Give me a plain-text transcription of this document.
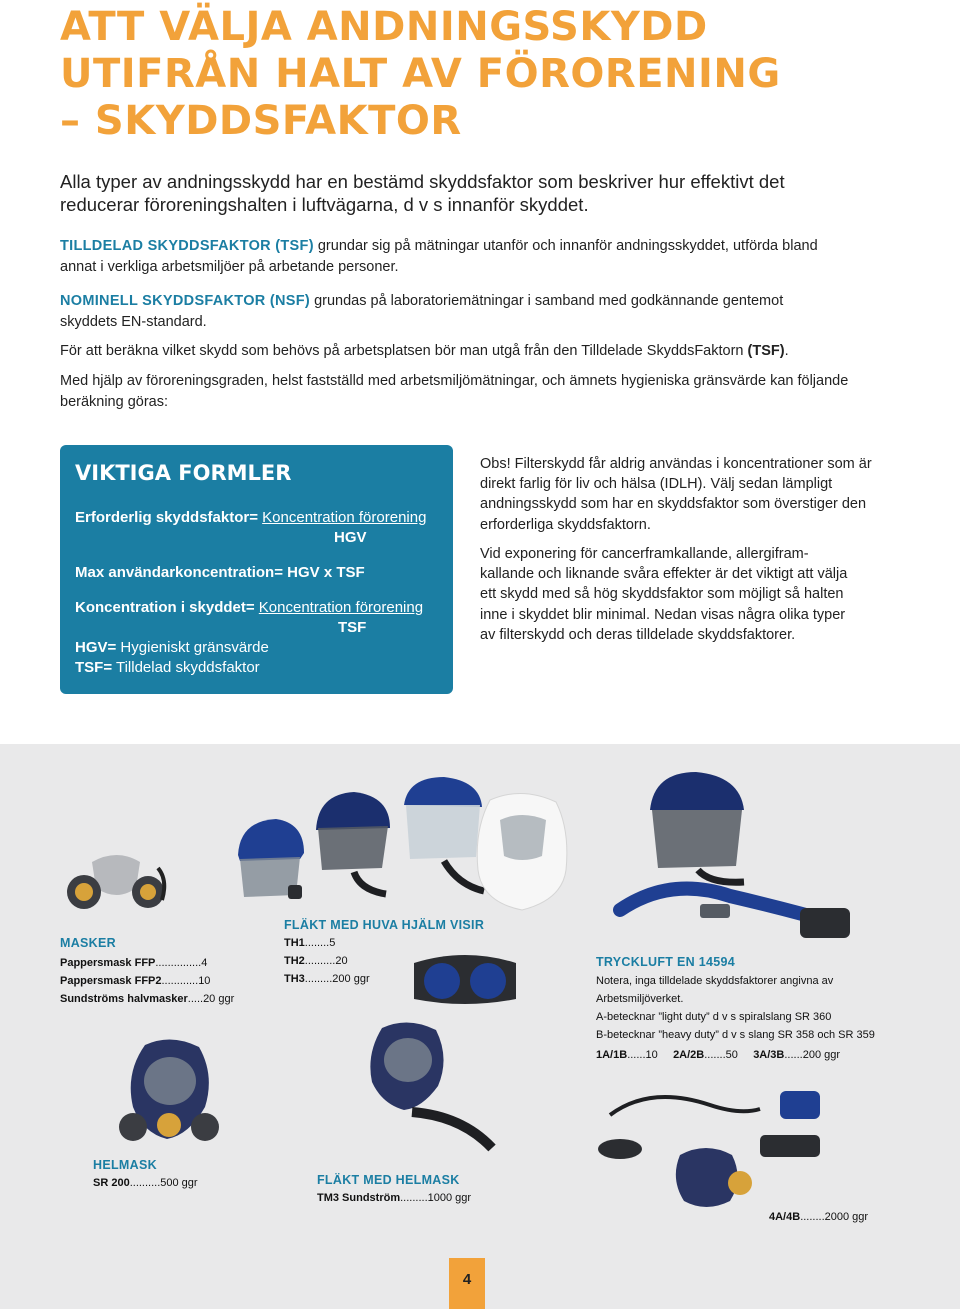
ATT VÄLJA ANDNINGSSKYDD
UTIFRÅN HALT AV FÖRORENING
– SKYDDSFAKTOR

Alla typer av andningsskydd har en bestämd skyddsfaktor som beskriver hur effektivt det reducerar föroreningshalten i luftvägarna, d v s innanför skyddet.

TILLDELAD SKYDDSFAKTOR (TSF) grundar sig på mätningar utanför och innanför andningsskyddet, utförda bland annat i verkliga arbetsmiljöer på arbetande personer.

NOMINELL SKYDDSFAKTOR (NSF) grundas på laboratoriemätningar i samband med godkännande gentemot skyddets EN-standard.

För att beräkna vilket skydd som behövs på arbetsplatsen bör man utgå från den Tilldelade SkyddsFaktorn (TSF).

Med hjälp av föroreningsgraden, helst fastställd med arbetsmiljömätningar, och ämnets hygieniska gränsvärde kan följande beräkning göras:

VIKTIGA FORMLER
Erforderlig skyddsfaktor= Koncentration förorening
HGV
Max användarkoncentration= HGV x TSF
Koncentration i skyddet= Koncentration förorening
TSF
HGV= Hygieniskt gränsvärde
TSF= Tilldelad skyddsfaktor

Obs! Filterskydd får aldrig användas i koncentrationer som är direkt farlig för liv och hälsa (IDLH). Välj sedan lämpligt andningsskydd som har en skyddsfaktor som överstiger den erforderliga skyddsfaktorn.

Vid exponering för cancerframkallande, allergifram-kallande och liknande svåra effekter är det viktigt att välja ett skydd med så hög skyddsfaktor som möjligt så halten inne i skyddet blir minimal. Nedan visas några olika typer av filterskydd och deras tilldelade skyddsfaktorer.

MASKER
Pappersmask FFP...............4
Pappersmask FFP2............10
Sundströms halvmasker.....20 ggr
FLÄKT MED HUVA HJÄLM VISIR
TH1........5
TH2..........20
TH3.........200 ggr
TRYCKLUFT EN 14594
Notera, inga tilldelade skyddsfaktorer angivna av
Arbetsmiljöverket.
A-betecknar ”light duty” d v s spiralslang SR 360
B-betecknar ”heavy duty” d v s slang SR 358 och SR 359
1A/1B......10 2A/2B.......50 3A/3B......200 ggr
HELMASK
SR 200..........500 ggr	FLÄKT MED HELMASK
TM3 Sundström.........1000 ggr
4A/4B........2000 ggr
4
